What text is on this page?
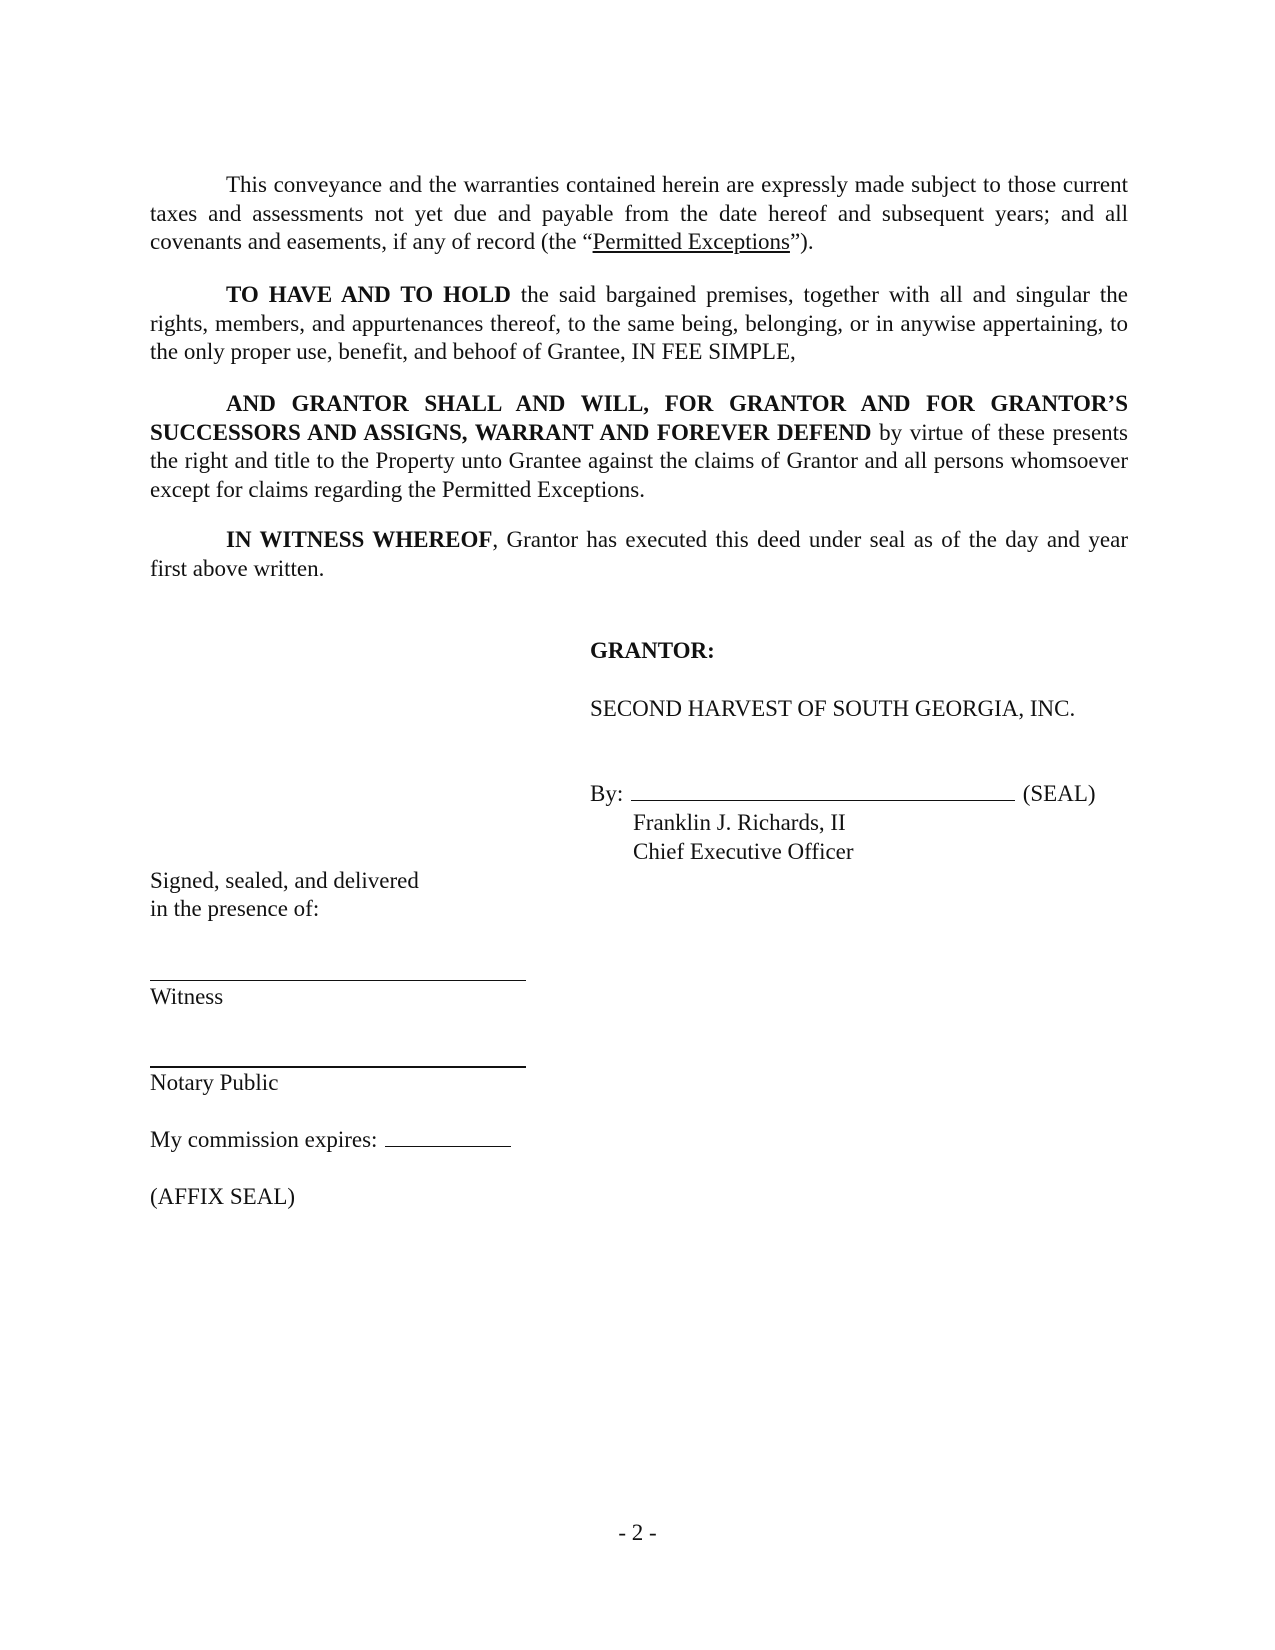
This conveyance and the warranties contained herein are expressly made subject to those current taxes and assessments not yet due and payable from the date hereof and subsequent years; and all covenants and easements, if any of record (the “Permitted Exceptions”).

TO HAVE AND TO HOLD the said bargained premises, together with all and singular the rights, members, and appurtenances thereof, to the same being, belonging, or in anywise appertaining, to the only proper use, benefit, and behoof of Grantee, IN FEE SIMPLE,

AND GRANTOR SHALL AND WILL, FOR GRANTOR AND FOR GRANTOR’S SUCCESSORS AND ASSIGNS, WARRANT AND FOREVER DEFEND by virtue of these presents the right and title to the Property unto Grantee against the claims of Grantor and all persons whomsoever except for claims regarding the Permitted Exceptions.

IN WITNESS WHEREOF, Grantor has executed this deed under seal as of the day and year first above written.

GRANTOR:
SECOND HARVEST OF SOUTH GEORGIA, INC.
By:	(SEAL)
Franklin J. Richards, II
Chief Executive Officer
Signed, sealed, and delivered
in the presence of:
Witness
Notary Public
My commission expires:
(AFFIX SEAL)
- 2 -
